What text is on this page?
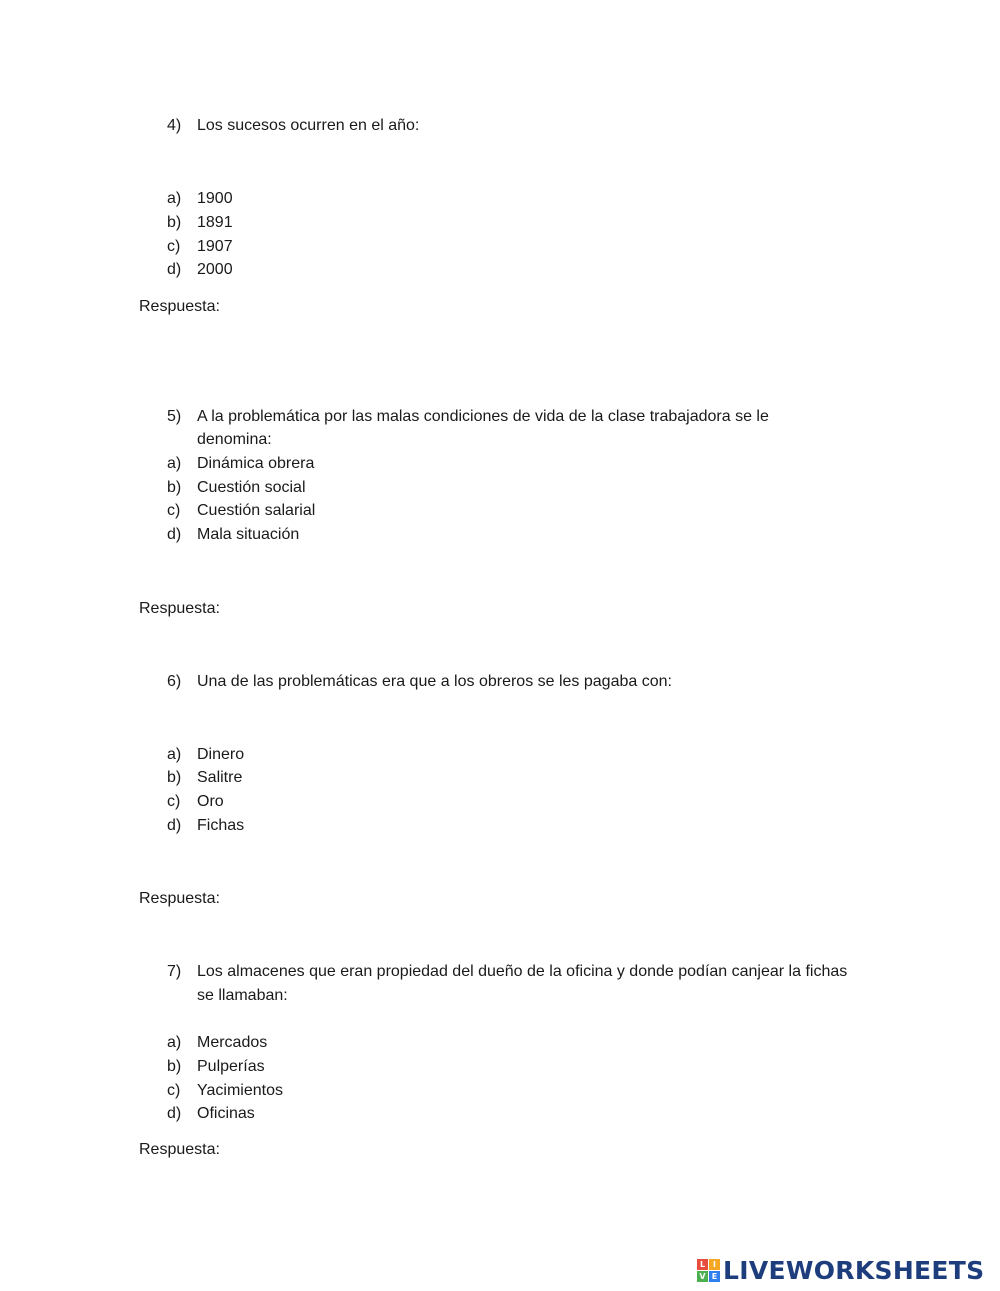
4) Los sucesos ocurren en el año:
a) 1900
b) 1891
c) 1907
d) 2000
Respuesta:
5) A la problemática por las malas condiciones de vida de la clase trabajadora se le
denomina:
a) Dinámica obrera
b) Cuestión social
c) Cuestión salarial
d) Mala situación
Respuesta:
6) Una de las problemáticas era que a los obreros se les pagaba con:
a) Dinero
b) Salitre
c) Oro
d) Fichas
Respuesta:
7) Los almacenes que eran propiedad del dueño de la oficina y donde podían canjear la fichas
se llamaban:
a) Mercados
b) Pulperías
c) Yacimientos
d) Oficinas
Respuesta:
L I
V E LIVEWORKSHEETS
